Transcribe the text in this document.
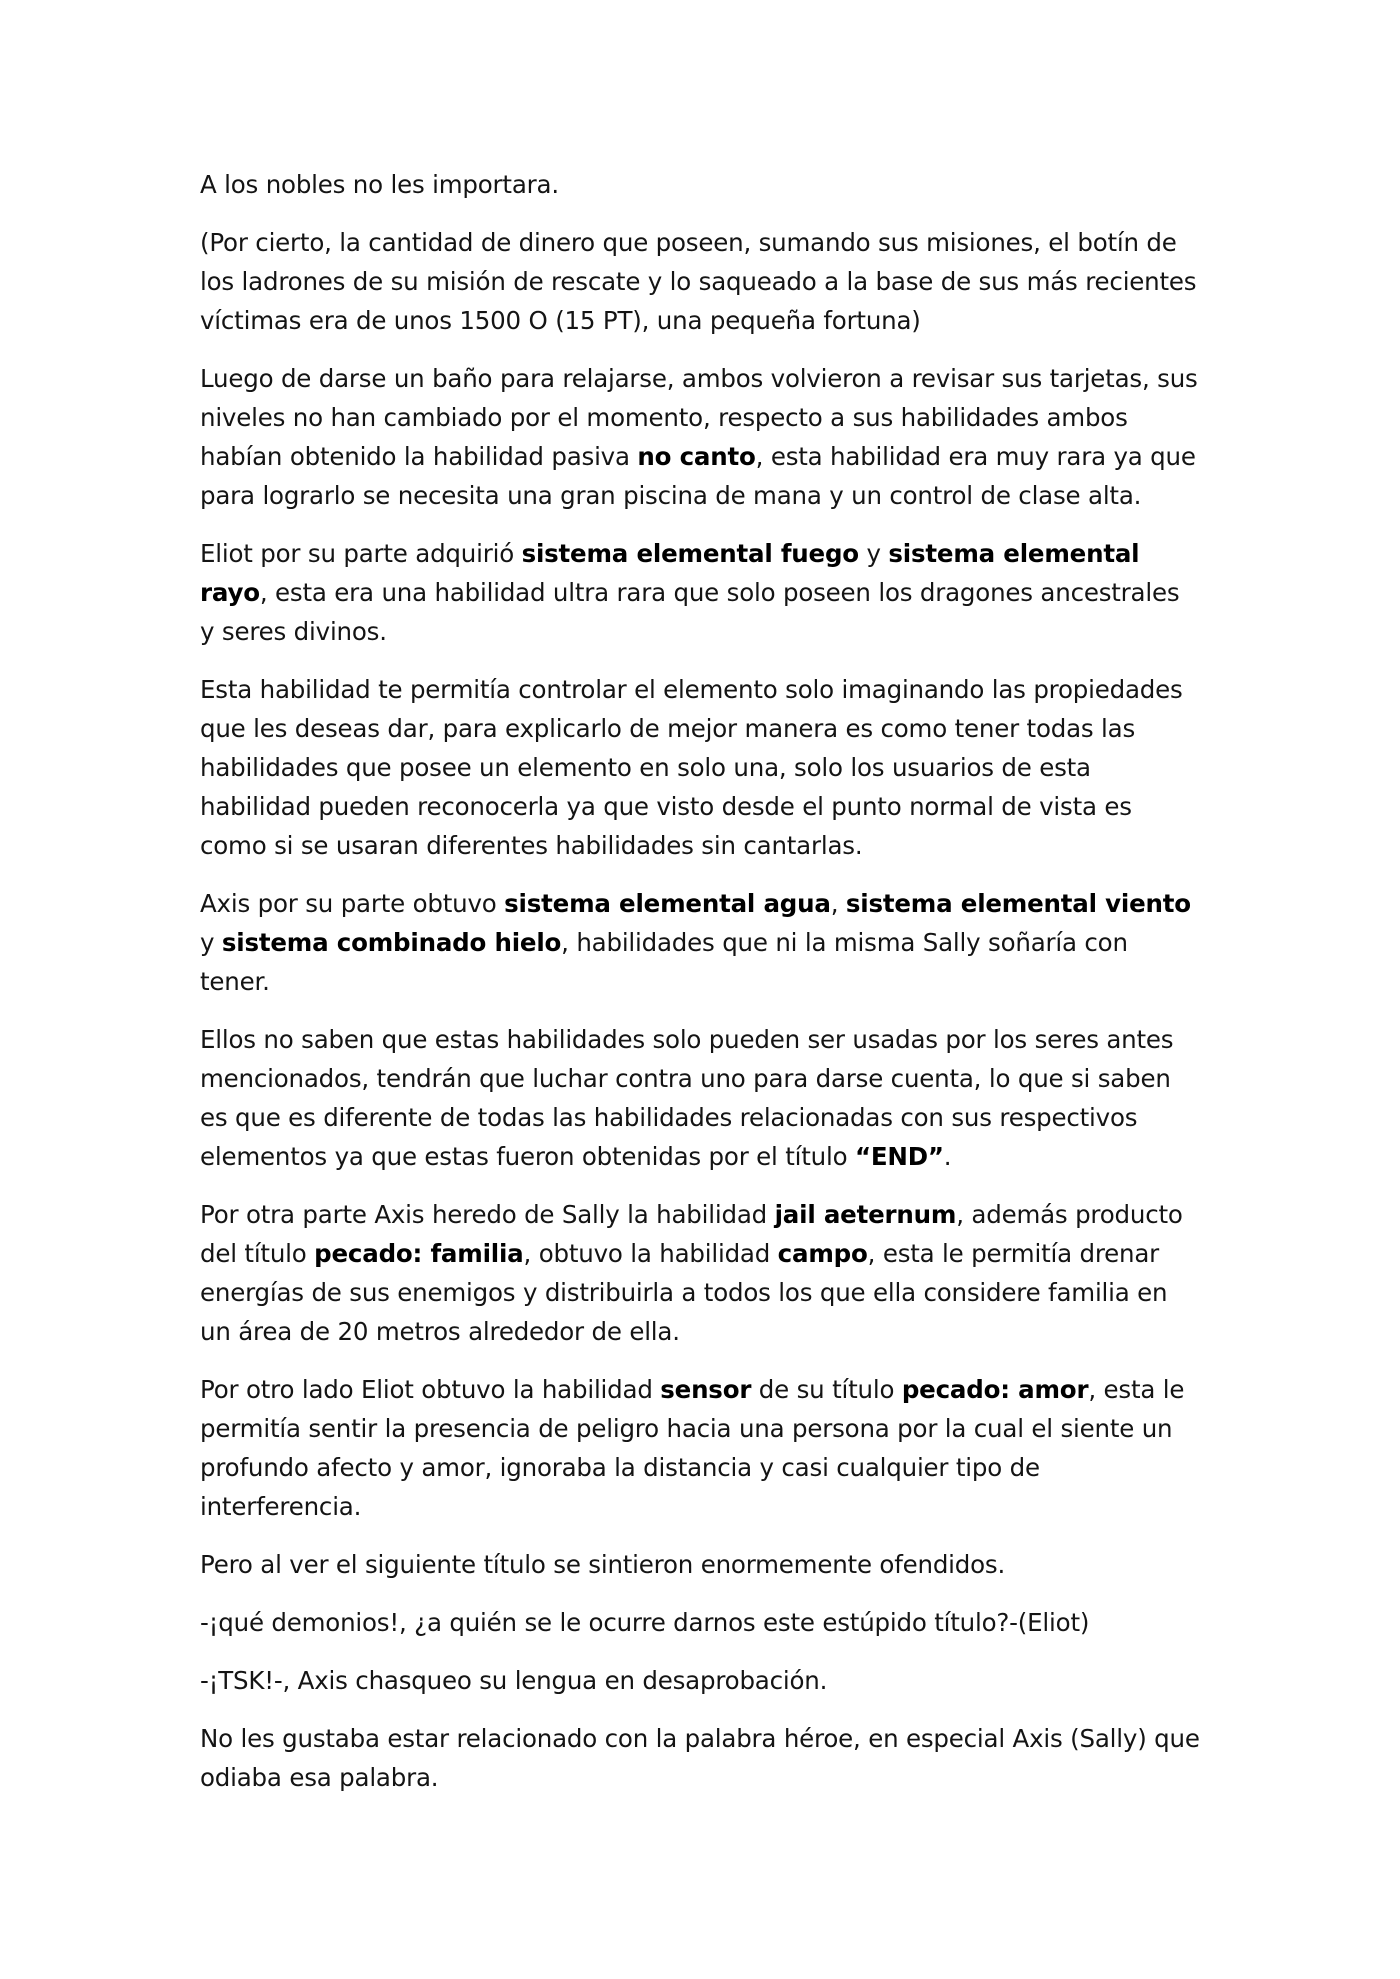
A los nobles no les importara.

(Por cierto, la cantidad de dinero que poseen, sumando sus misiones, el botín de los ladrones de su misión de rescate y lo saqueado a la base de sus más recientes víctimas era de unos 1500 O (15 PT), una pequeña fortuna)

Luego de darse un baño para relajarse, ambos volvieron a revisar sus tarjetas, sus niveles no han cambiado por el momento, respecto a sus habilidades ambos habían obtenido la habilidad pasiva no canto, esta habilidad era muy rara ya que para lograrlo se necesita una gran piscina de mana y un control de clase alta.

Eliot por su parte adquirió sistema elemental fuego y sistema elemental rayo, esta era una habilidad ultra rara que solo poseen los dragones ancestrales y seres divinos.

Esta habilidad te permitía controlar el elemento solo imaginando las propiedades que les deseas dar, para explicarlo de mejor manera es como tener todas las habilidades que posee un elemento en solo una, solo los usuarios de esta habilidad pueden reconocerla ya que visto desde el punto normal de vista es como si se usaran diferentes habilidades sin cantarlas.

Axis por su parte obtuvo sistema elemental agua, sistema elemental viento y sistema combinado hielo, habilidades que ni la misma Sally soñaría con tener.

Ellos no saben que estas habilidades solo pueden ser usadas por los seres antes mencionados, tendrán que luchar contra uno para darse cuenta, lo que si saben es que es diferente de todas las habilidades relacionadas con sus respectivos elementos ya que estas fueron obtenidas por el título “END”.

Por otra parte Axis heredo de Sally la habilidad jail aeternum, además producto del título pecado: familia, obtuvo la habilidad campo, esta le permitía drenar energías de sus enemigos y distribuirla a todos los que ella considere familia en un área de 20 metros alrededor de ella.

Por otro lado Eliot obtuvo la habilidad sensor de su título pecado: amor, esta le permitía sentir la presencia de peligro hacia una persona por la cual el siente un profundo afecto y amor, ignoraba la distancia y casi cualquier tipo de interferencia.

Pero al ver el siguiente título se sintieron enormemente ofendidos.

-¡qué demonios!, ¿a quién se le ocurre darnos este estúpido título?-(Eliot)

-¡TSK!-, Axis chasqueo su lengua en desaprobación.

No les gustaba estar relacionado con la palabra héroe, en especial Axis (Sally) que odiaba esa palabra.
